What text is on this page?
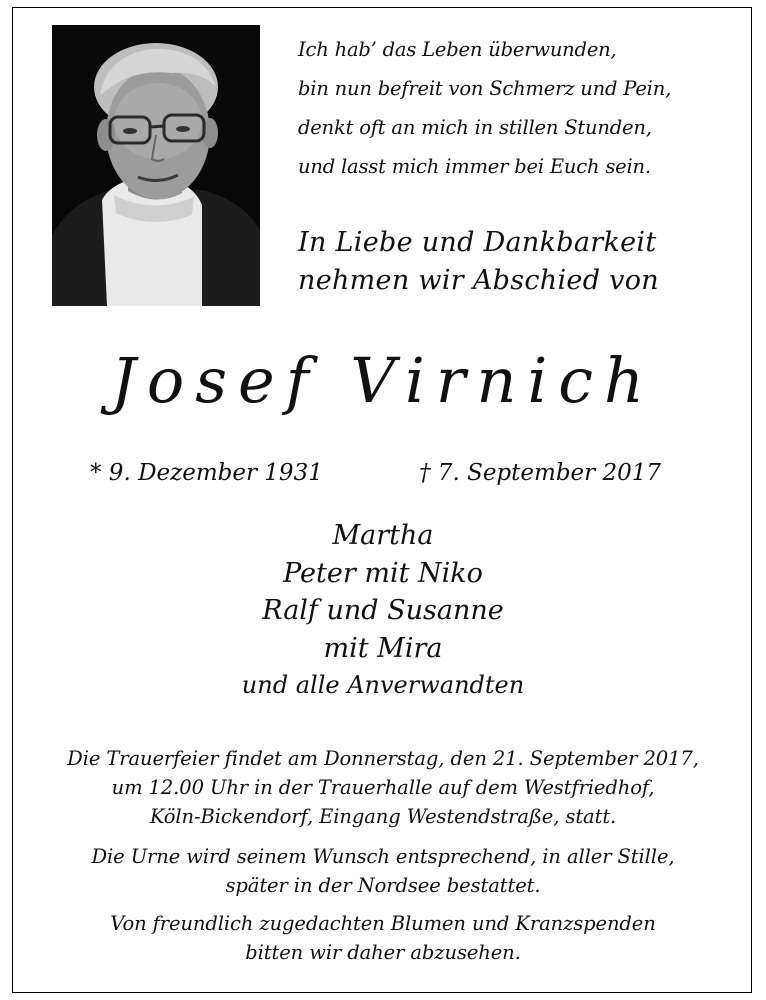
Ich hab’ das Leben überwunden,
bin nun befreit von Schmerz und Pein,
denkt oft an mich in stillen Stunden,
und lasst mich immer bei Euch sein.
In Liebe und Dankbarkeit
nehmen wir Abschied von
Josef Virnich
* 9. Dezember 1931	† 7. September 2017
Martha
Peter mit Niko
Ralf und Susanne
mit Mira
und alle Anverwandten
Die Trauerfeier findet am Donnerstag, den 21. September 2017,
um 12.00 Uhr in der Trauerhalle auf dem Westfriedhof,
Köln-Bickendorf, Eingang Westendstraße, statt.
Die Urne wird seinem Wunsch entsprechend, in aller Stille,
später in der Nordsee bestattet.
Von freundlich zugedachten Blumen und Kranzspenden
bitten wir daher abzusehen.
